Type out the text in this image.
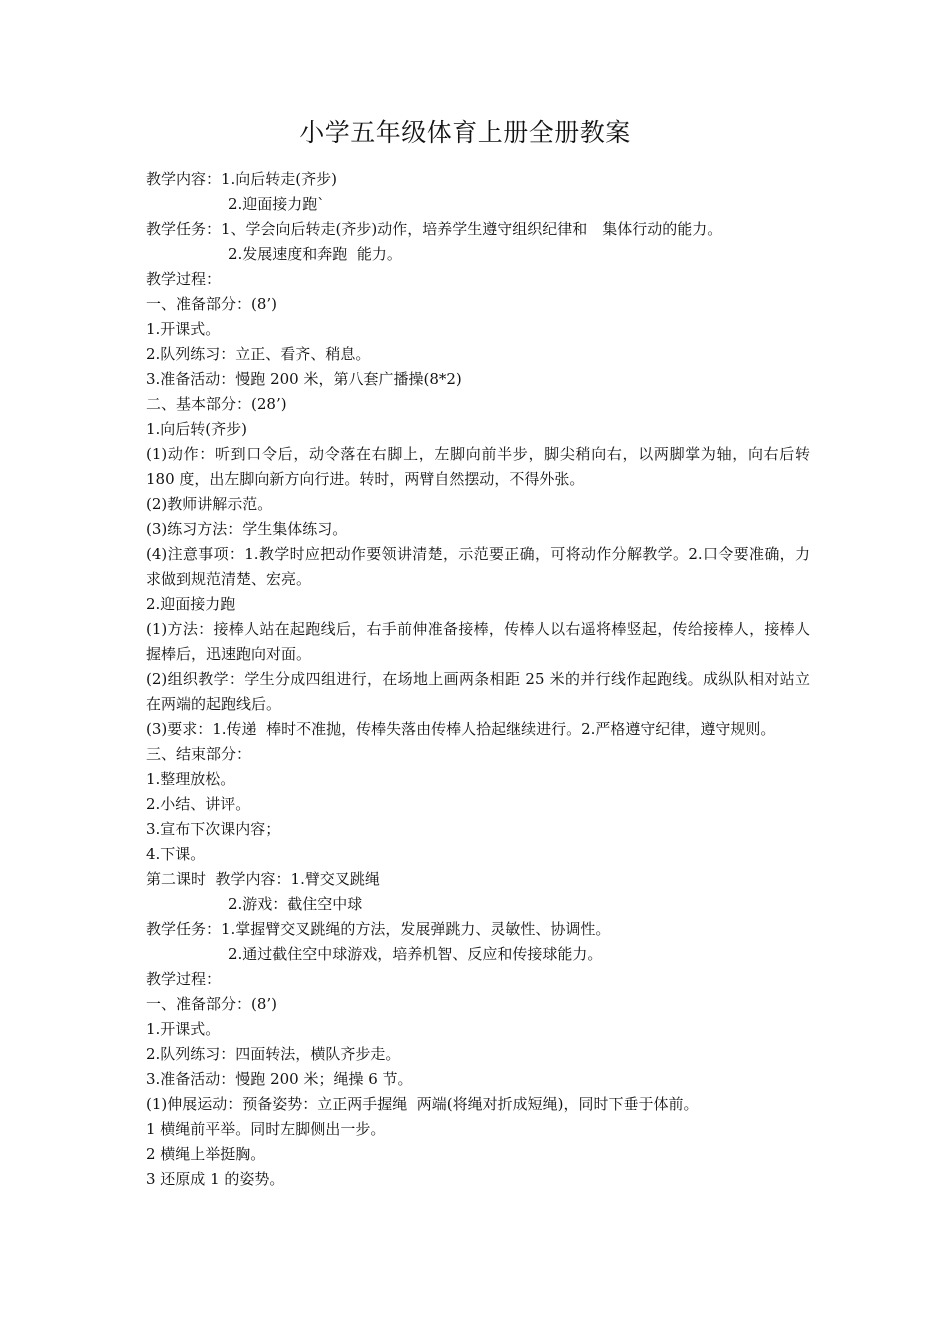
小学五年级体育上册全册教案
教学内容：1.向后转走(齐步)
2.迎面接力跑`
教学任务：1、学会向后转走(齐步)动作，培养学生遵守组织纪律和　集体行动的能力。
2.发展速度和奔跑  能力。
教学过程：
一、准备部分：(8’)
1.开课式。
2.队列练习：立正、看齐、稍息。
3.准备活动：慢跑 200 米，第八套广播操(8*2)
二、基本部分：(28’)
1.向后转(齐步)
(1)动作：听到口令后，动令落在右脚上，左脚向前半步，脚尖稍向右，以两脚掌为轴，向右后转 180 度，出左脚向新方向行进。转时，两臂自然摆动，不得外张。
(2)教师讲解示范。
(3)练习方法：学生集体练习。
(4)注意事项：1.教学时应把动作要领讲清楚，示范要正确，可将动作分解教学。2.口令要准确，力求做到规范清楚、宏亮。
2.迎面接力跑
(1)方法：接棒人站在起跑线后，右手前伸准备接棒，传棒人以右遥将棒竖起，传给接棒人，接棒人握棒后，迅速跑向对面。
(2)组织教学：学生分成四组进行，在场地上画两条相距 25 米的并行线作起跑线。成纵队相对站立在两端的起跑线后。
(3)要求：1.传递  棒时不准抛，传棒失落由传棒人拾起继续进行。2.严格遵守纪律，遵守规则。
三、结束部分：
1.整理放松。
2.小结、讲评。
3.宣布下次课内容；
4.下课。
第二课时  教学内容：1.臂交叉跳绳
2.游戏：截住空中球
教学任务：1.掌握臂交叉跳绳的方法，发展弹跳力、灵敏性、协调性。
2.通过截住空中球游戏，培养机智、反应和传接球能力。
教学过程：
一、准备部分：(8’)
1.开课式。
2.队列练习：四面转法，横队齐步走。
3.准备活动：慢跑 200 米；绳操 6 节。
(1)伸展运动：预备姿势：立正两手握绳  两端(将绳对折成短绳)，同时下垂于体前。
1 横绳前平举。同时左脚侧出一步。
2 横绳上举挺胸。
3 还原成 1 的姿势。
